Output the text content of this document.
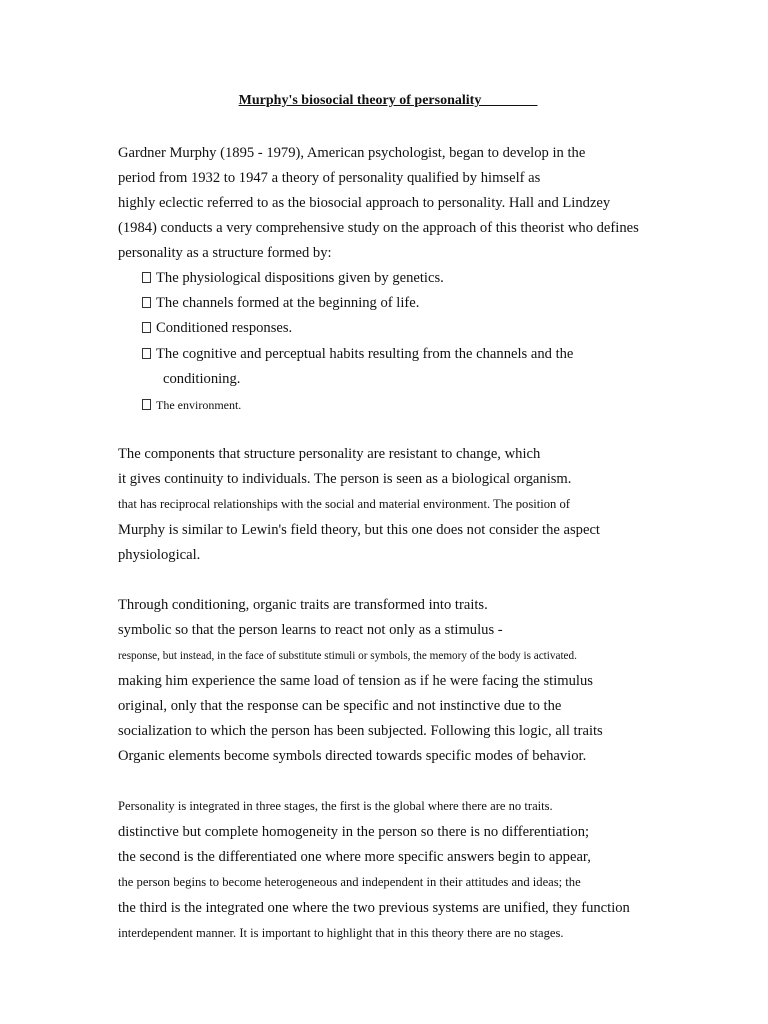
Murphy's biosocial theory of personality________
Gardner Murphy (1895 - 1979), American psychologist, began to develop in the
period from 1932 to 1947 a theory of personality qualified by himself as
highly eclectic referred to as the biosocial approach to personality. Hall and Lindzey
(1984) conducts a very comprehensive study on the approach of this theorist who defines
personality as a structure formed by:
The physiological dispositions given by genetics.
The channels formed at the beginning of life.
Conditioned responses.
The cognitive and perceptual habits resulting from the channels and the
conditioning.
The environment.
The components that structure personality are resistant to change, which
it gives continuity to individuals. The person is seen as a biological organism.
that has reciprocal relationships with the social and material environment. The position of
Murphy is similar to Lewin's field theory, but this one does not consider the aspect
physiological.
Through conditioning, organic traits are transformed into traits.
symbolic so that the person learns to react not only as a stimulus -
response, but instead, in the face of substitute stimuli or symbols, the memory of the body is activated.
making him experience the same load of tension as if he were facing the stimulus
original, only that the response can be specific and not instinctive due to the
socialization to which the person has been subjected. Following this logic, all traits
Organic elements become symbols directed towards specific modes of behavior.
Personality is integrated in three stages, the first is the global where there are no traits.
distinctive but complete homogeneity in the person so there is no differentiation;
the second is the differentiated one where more specific answers begin to appear,
the person begins to become heterogeneous and independent in their attitudes and ideas; the
the third is the integrated one where the two previous systems are unified, they function
interdependent manner. It is important to highlight that in this theory there are no stages.
